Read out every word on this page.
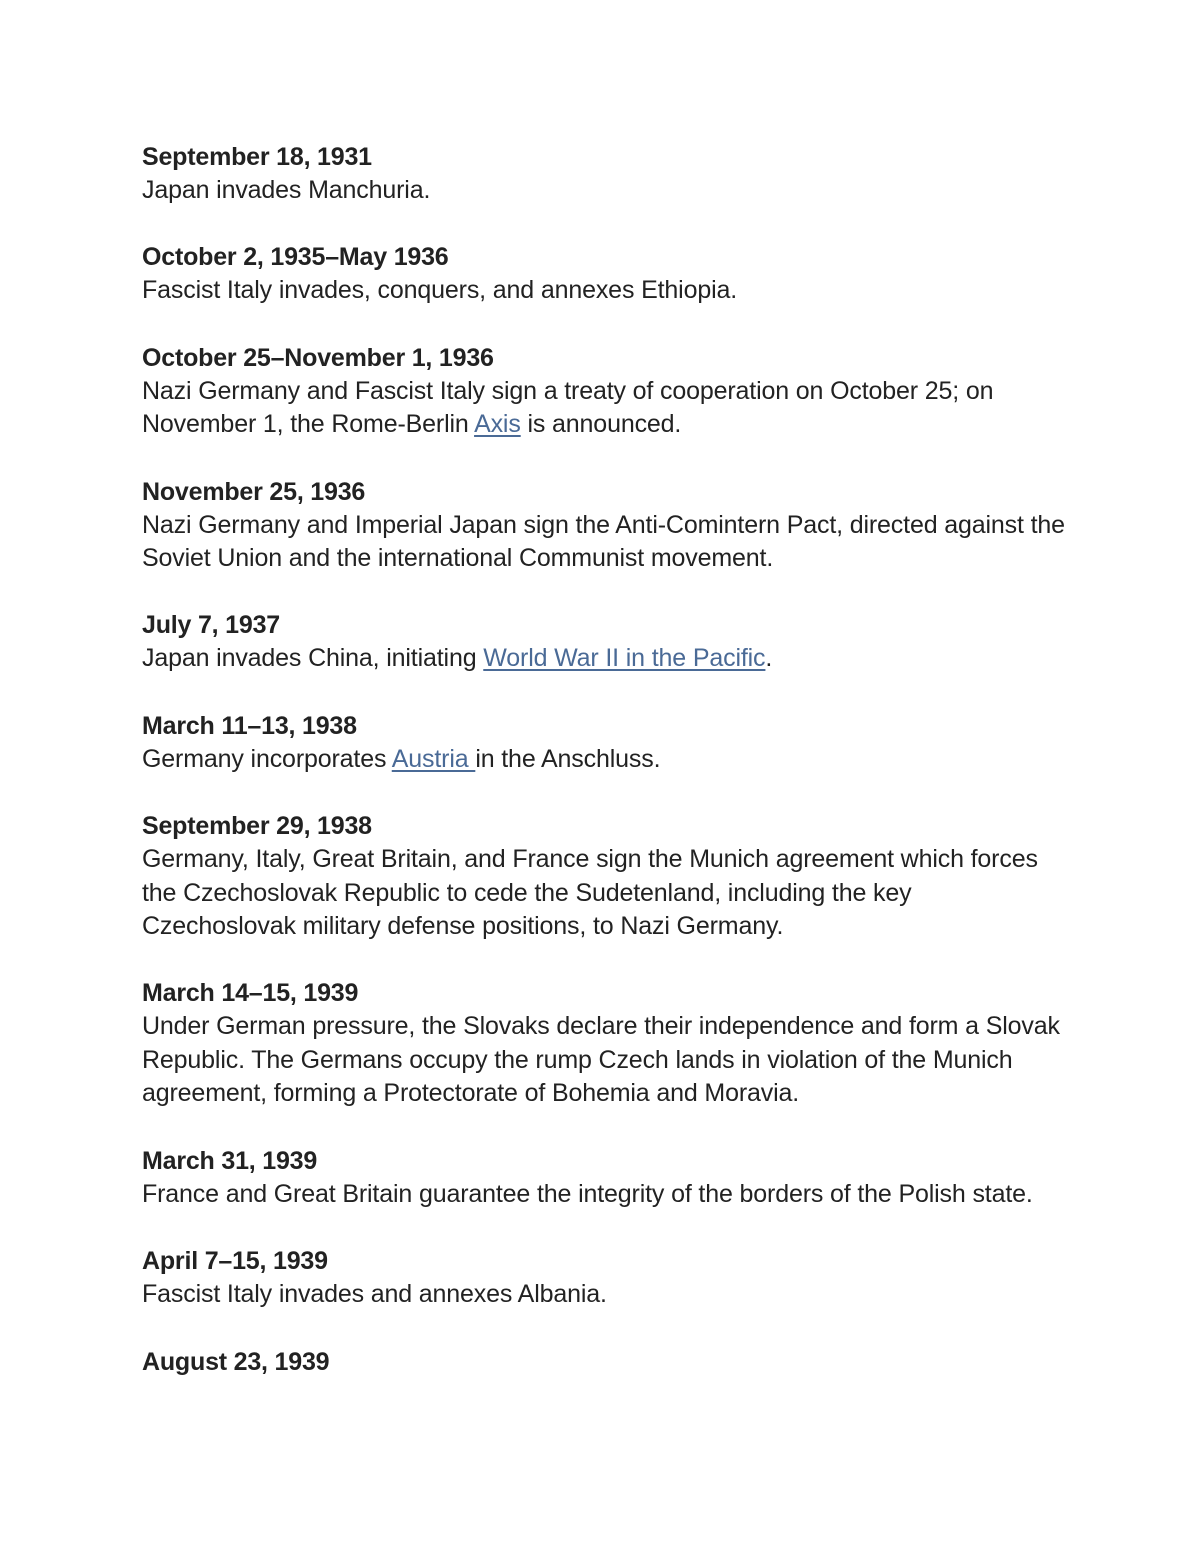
September 18, 1931
Japan invades Manchuria.
October 2, 1935–May 1936
Fascist Italy invades, conquers, and annexes Ethiopia.
October 25–November 1, 1936
Nazi Germany and Fascist Italy sign a treaty of cooperation on October 25; on November 1, the Rome-Berlin Axis is announced.
November 25, 1936
Nazi Germany and Imperial Japan sign the Anti-Comintern Pact, directed against the Soviet Union and the international Communist movement.
July 7, 1937
Japan invades China, initiating World War II in the Pacific.
March 11–13, 1938
Germany incorporates Austria in the Anschluss.
September 29, 1938
Germany, Italy, Great Britain, and France sign the Munich agreement which forces the Czechoslovak Republic to cede the Sudetenland, including the key Czechoslovak military defense positions, to Nazi Germany.
March 14–15, 1939
Under German pressure, the Slovaks declare their independence and form a Slovak Republic. The Germans occupy the rump Czech lands in violation of the Munich agreement, forming a Protectorate of Bohemia and Moravia.
March 31, 1939
France and Great Britain guarantee the integrity of the borders of the Polish state.
April 7–15, 1939
Fascist Italy invades and annexes Albania.
August 23, 1939
